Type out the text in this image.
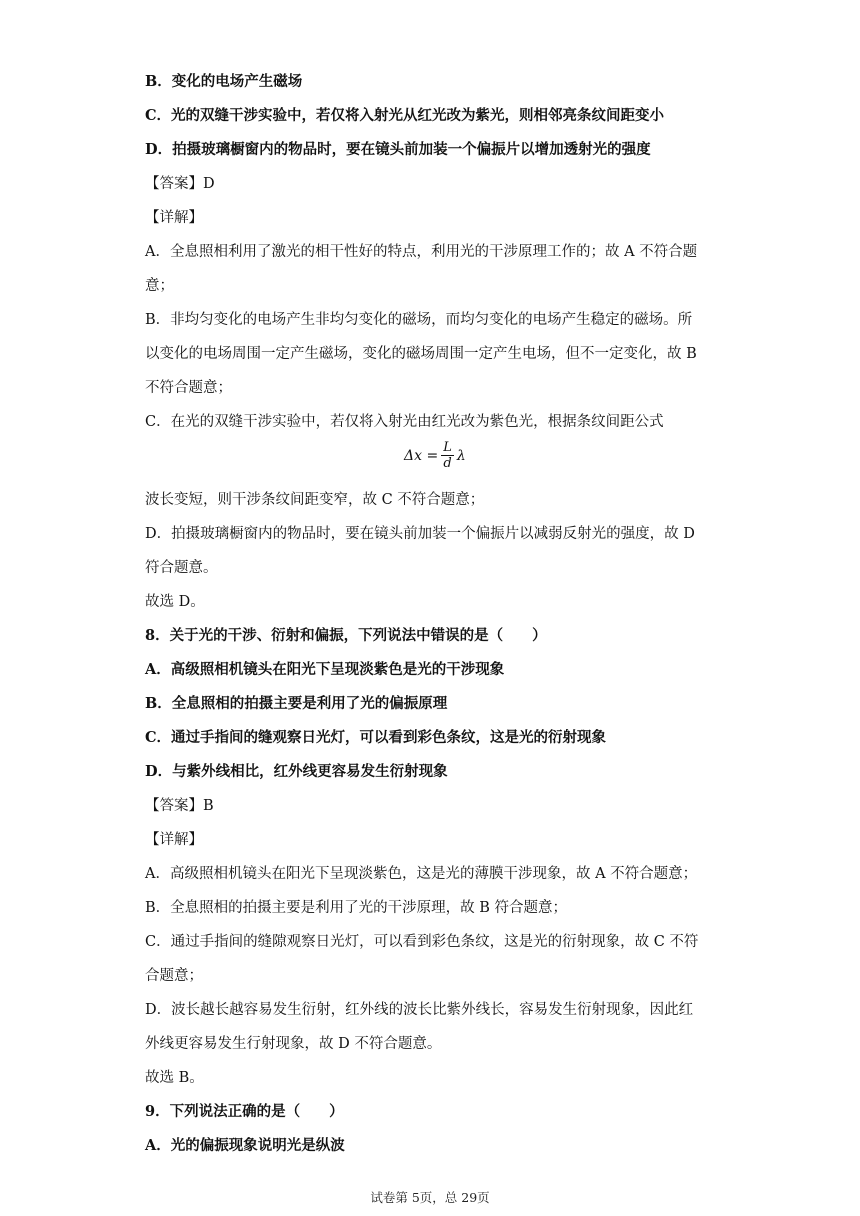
B．变化的电场产生磁场
C．光的双缝干涉实验中，若仅将入射光从红光改为紫光，则相邻亮条纹间距变小
D．拍摄玻璃橱窗内的物品时，要在镜头前加装一个偏振片以增加透射光的强度
【答案】D
【详解】
A．全息照相利用了激光的相干性好的特点，利用光的干涉原理工作的；故 A 不符合题
意；
B．非均匀变化的电场产生非均匀变化的磁场，而均匀变化的电场产生稳定的磁场。所
以变化的电场周围一定产生磁场，变化的磁场周围一定产生电场，但不一定变化，故 B
不符合题意；
C．在光的双缝干涉实验中，若仅将入射光由红光改为紫色光，根据条纹间距公式
波长变短，则干涉条纹间距变窄，故 C 不符合题意；
D．拍摄玻璃橱窗内的物品时，要在镜头前加装一个偏振片以减弱反射光的强度，故 D
符合题意。
故选 D。
8．关于光的干涉、衍射和偏振，下列说法中错误的是（　　）
A．高级照相机镜头在阳光下呈现淡紫色是光的干涉现象
B．全息照相的拍摄主要是利用了光的偏振原理
C．通过手指间的缝观察日光灯，可以看到彩色条纹，这是光的衍射现象
D．与紫外线相比，红外线更容易发生衍射现象
【答案】B
【详解】
A．高级照相机镜头在阳光下呈现淡紫色，这是光的薄膜干涉现象，故 A 不符合题意；
B．全息照相的拍摄主要是利用了光的干涉原理，故 B 符合题意；
C．通过手指间的缝隙观察日光灯，可以看到彩色条纹，这是光的衍射现象，故 C 不符
合题意；
D．波长越长越容易发生衍射，红外线的波长比紫外线长，容易发生衍射现象，因此红
外线更容易发生行射现象，故 D 不符合题意。
故选 B。
9．下列说法正确的是（　　）
A．光的偏振现象说明光是纵波
$\Delta x = \frac{L}{d}$ λ
试卷第 5页，总 29页
